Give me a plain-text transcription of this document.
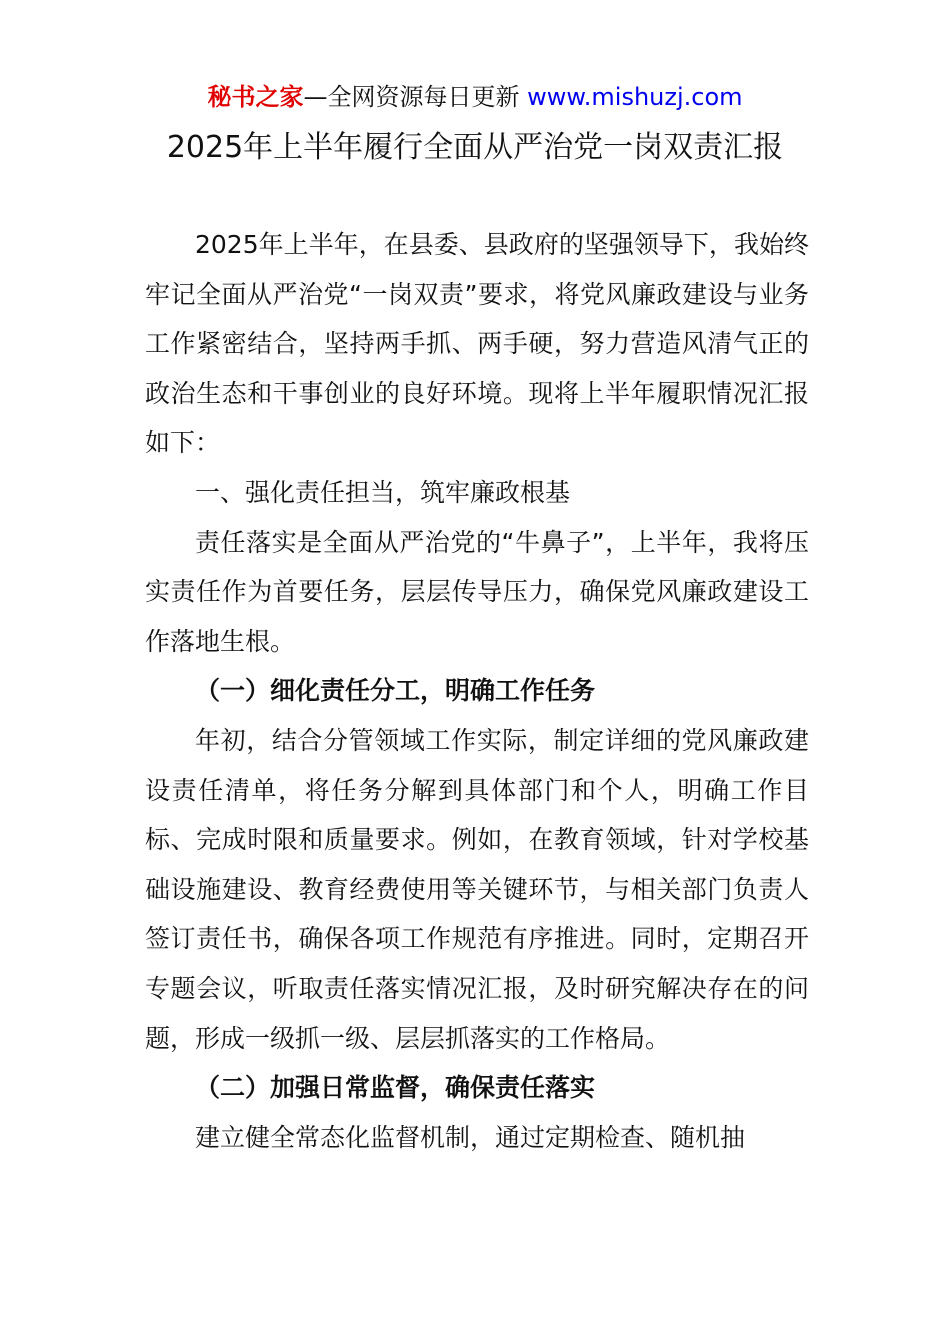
秘书之家—全网资源每日更新 www.mishuzj.com
2025年上半年履行全面从严治党一岗双责汇报

2025年上半年，在县委、县政府的坚强领导下，我始终牢记全面从严治党“一岗双责”要求，将党风廉政建设与业务工作紧密结合，坚持两手抓、两手硬，努力营造风清气正的政治生态和干事创业的良好环境。现将上半年履职情况汇报如下：

一、强化责任担当，筑牢廉政根基

责任落实是全面从严治党的“牛鼻子”，上半年，我将压实责任作为首要任务，层层传导压力，确保党风廉政建设工作落地生根。

（一）细化责任分工，明确工作任务

年初，结合分管领域工作实际，制定详细的党风廉政建设责任清单，将任务分解到具体部门和个人，明确工作目标、完成时限和质量要求。例如，在教育领域，针对学校基础设施建设、教育经费使用等关键环节，与相关部门负责人签订责任书，确保各项工作规范有序推进。同时，定期召开专题会议，听取责任落实情况汇报，及时研究解决存在的问题，形成一级抓一级、层层抓落实的工作格局。

（二）加强日常监督，确保责任落实

建立健全常态化监督机制，通过定期检查、随机抽
